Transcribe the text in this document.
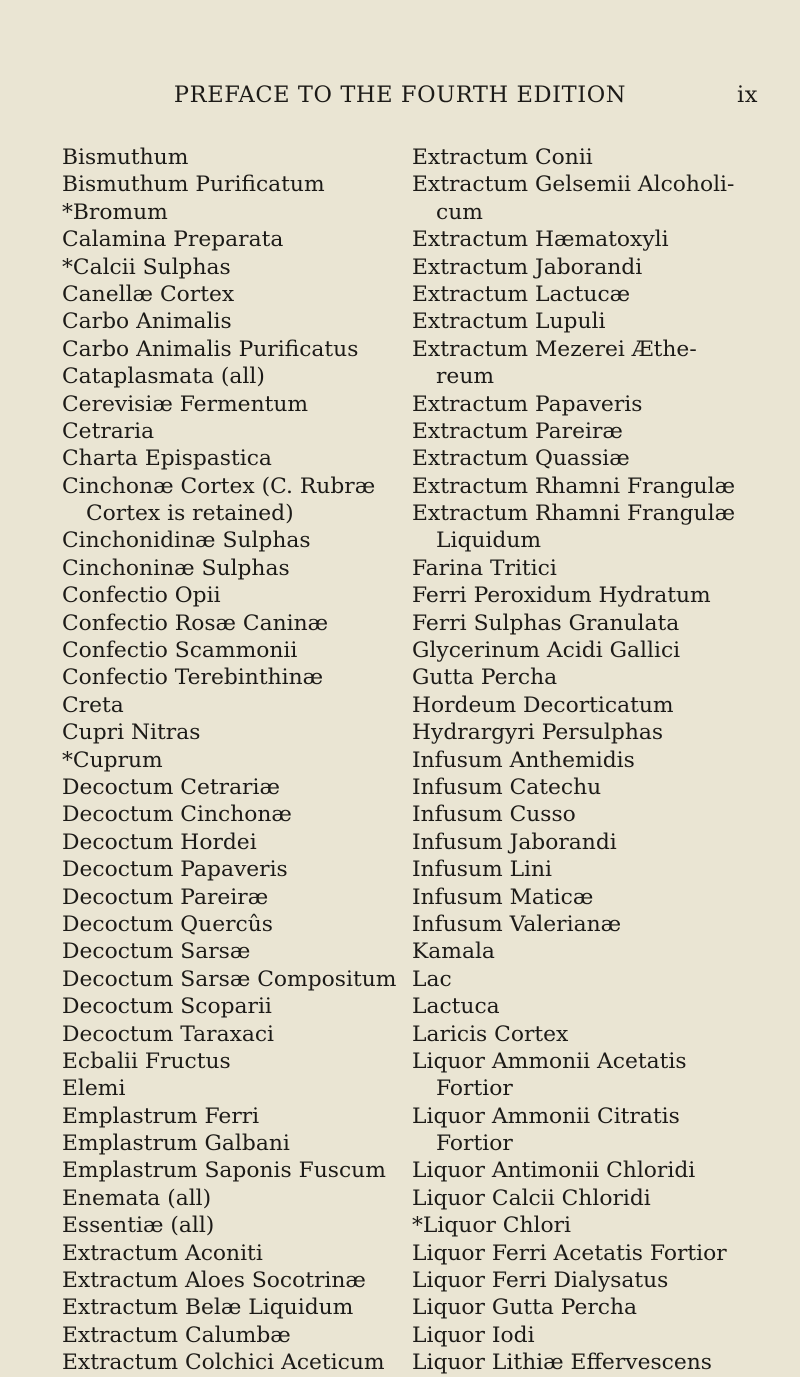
PREFACE TO THE FOURTH EDITION	ix
Bismuthum
Bismuthum Purificatum
*Bromum
Calamina Preparata
*Calcii Sulphas
Canellæ Cortex
Carbo Animalis
Carbo Animalis Purificatus
Cataplasmata (all)
Cerevisiæ Fermentum
Cetraria
Charta Epispastica
Cinchonæ Cortex (C. Rubræ
Cortex is retained)
Cinchonidinæ Sulphas
Cinchoninæ Sulphas
Confectio Opii
Confectio Rosæ Caninæ
Confectio Scammonii
Confectio Terebinthinæ
Creta
Cupri Nitras
*Cuprum
Decoctum Cetrariæ
Decoctum Cinchonæ
Decoctum Hordei
Decoctum Papaveris
Decoctum Pareiræ
Decoctum Quercûs
Decoctum Sarsæ
Decoctum Sarsæ Compositum
Decoctum Scoparii
Decoctum Taraxaci
Ecbalii Fructus
Elemi
Emplastrum Ferri
Emplastrum Galbani
Emplastrum Saponis Fuscum
Enemata (all)
Essentiæ (all)
Extractum Aconiti
Extractum Aloes Socotrinæ
Extractum Belæ Liquidum
Extractum Calumbæ
Extractum Colchici Aceticum
Extractum Conii
Extractum Gelsemii Alcoholi-
cum
Extractum Hæmatoxyli
Extractum Jaborandi
Extractum Lactucæ
Extractum Lupuli
Extractum Mezerei Æthe-
reum
Extractum Papaveris
Extractum Pareiræ
Extractum Quassiæ
Extractum Rhamni Frangulæ
Extractum Rhamni Frangulæ
Liquidum
Farina Tritici
Ferri Peroxidum Hydratum
Ferri Sulphas Granulata
Glycerinum Acidi Gallici
Gutta Percha
Hordeum Decorticatum
Hydrargyri Persulphas
Infusum Anthemidis
Infusum Catechu
Infusum Cusso
Infusum Jaborandi
Infusum Lini
Infusum Maticæ
Infusum Valerianæ
Kamala
Lac
Lactuca
Laricis Cortex
Liquor Ammonii Acetatis
Fortior
Liquor Ammonii Citratis
Fortior
Liquor Antimonii Chloridi
Liquor Calcii Chloridi
*Liquor Chlori
Liquor Ferri Acetatis Fortior
Liquor Ferri Dialysatus
Liquor Gutta Percha
Liquor Iodi
Liquor Lithiæ Effervescens
